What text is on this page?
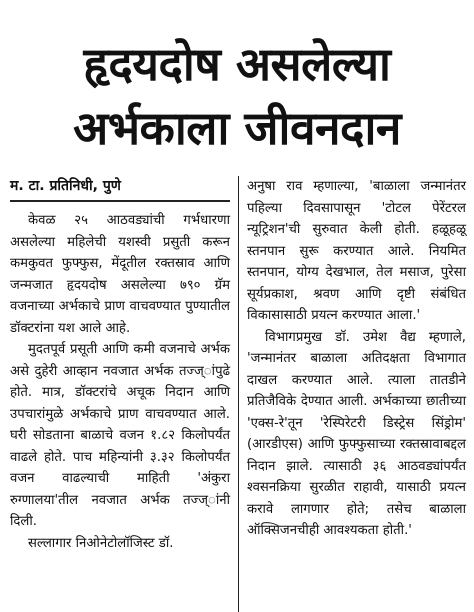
हृदयदोष असलेल्या
अर्भकाला जीवनदान
म. टा. प्रतिनिधी, पुणे

केवळ २५ आठवड्यांची गर्भधारणा असलेल्या महिलेची यशस्वी प्रसुती करून कमकुवत फुफ्फुस, मेंदूतील रक्तस्राव आणि जन्मजात हृदयदोष असलेल्या ७९० ग्रॅम वजनाच्या अर्भकाचे प्राण वाचवण्यात पुण्यातील डॉक्टरांना यश आले आहे.

मुदतपूर्व प्रसूती आणि कमी वजनाचे अर्भक असे दुहेरी आव्हान नवजात अर्भक तज्ज्ांपुढे होते. मात्र, डॉक्टरांचे अचूक निदान आणि उपचारांमुळे अर्भकाचे प्राण वाचवण्यात आले. घरी सोडताना बाळाचे वजन १.८२ किलोपर्यंत वाढले होते. पाच महिन्यांनी ३.३२ किलोपर्यंत वजन वाढल्याची माहिती 'अंकुरा रुग्णालया'तील नवजात अर्भक तज्ज्ांनी दिली.

सल्लागार निओनेटोलॉजिस्ट डॉ.

अनुषा राव म्हणाल्या, 'बाळाला जन्मानंतर पहिल्या दिवसापासून 'टोटल पेरेंटरल न्यूट्रिशन'ची सुरुवात केली होती. हळूहळू स्तनपान सुरू करण्यात आले. नियमित स्तनपान, योग्य देखभाल, तेल मसाज, पुरेसा सूर्यप्रकाश, श्रवण आणि दृष्टी संबंधित विकासासाठी प्रयत्न करण्यात आला.'

विभागप्रमुख डॉ. उमेश वैद्य म्हणाले, 'जन्मानंतर बाळाला अतिदक्षता विभागात दाखल करण्यात आले. त्याला तातडीने प्रतिजैविके देण्यात आली. अर्भकाच्या छातीच्या 'एक्स-रे'तून 'रेस्पिरेटरी डिस्ट्रेस सिंड्रोम' (आरडीएस) आणि फुफ्फुसाच्या रक्तस्रावाबद्दल निदान झाले. त्यासाठी ३६ आठवड्यांपर्यंत श्वसनक्रिया सुरळीत राहावी, यासाठी प्रयत्न करावे लागणार होते; तसेच बाळाला ऑक्सिजनचीही आवश्यकता होती.'
